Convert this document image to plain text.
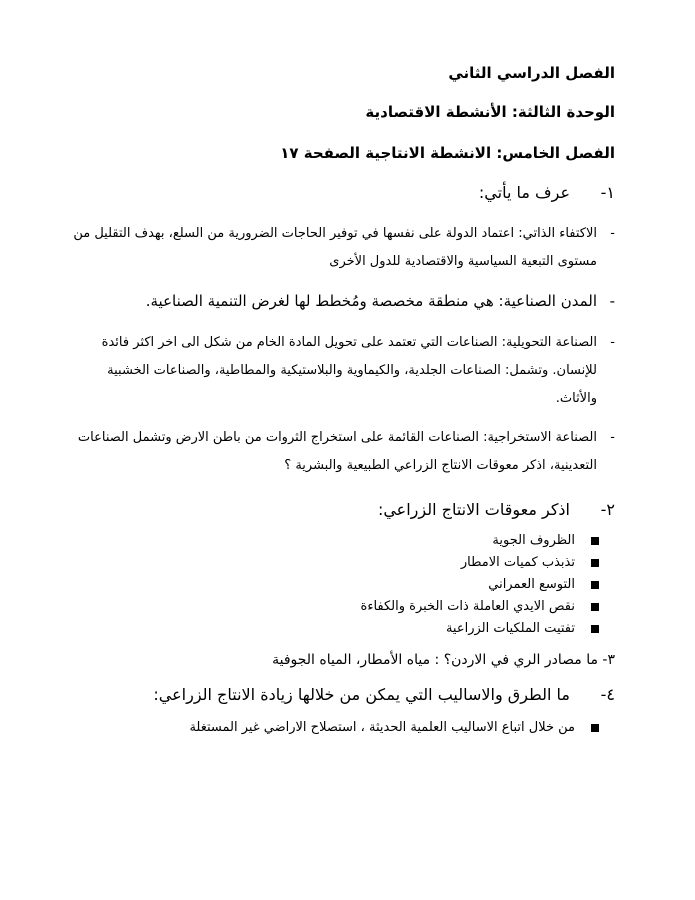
الفصل الدراسي الثاني
الوحدة الثالثة: الأنشطة الاقتصادية
الفصل الخامس: الانشطة الانتاجية الصفحة ١٧
١-عرف ما يأتي:
-الاكتفاء الذاتي: اعتماد الدولة على نفسها في توفير الحاجات الضرورية من السلع، بهدف التقليل من
مستوى التبعية السياسية والاقتصادية للدول الأخرى
-المدن الصناعية: هي منطقة مخصصة ومُخطط لها لغرض التنمية الصناعية.
-الصناعة التحويلية: الصناعات التي تعتمد على تحويل المادة الخام من شكل الى اخر اكثر فائدة
للإنسان. وتشمل: الصناعات الجلدية، والكيماوية والبلاستيكية والمطاطية، والصناعات الخشبية
والأثاث.
-الصناعة الاستخراجية: الصناعات القائمة على استخراج الثروات من باطن الارض وتشمل الصناعات
التعدينية، اذكر معوقات الانتاج الزراعي الطبيعية والبشرية ؟
٢-اذكر معوقات الانتاج الزراعي:
الظروف الجوية
تذبذب كميات الامطار
التوسع العمراني
نقص الايدي العاملة ذات الخبرة والكفاءة
تفتيت الملكيات الزراعية
٣- ما مصادر الري في الاردن؟ : مياه الأمطار، المياه الجوفية
٤-ما الطرق والاساليب التي يمكن من خلالها زيادة الانتاج الزراعي:
من خلال اتباع الاساليب العلمية الحديثة ، استصلاح الاراضي غير المستغلة
